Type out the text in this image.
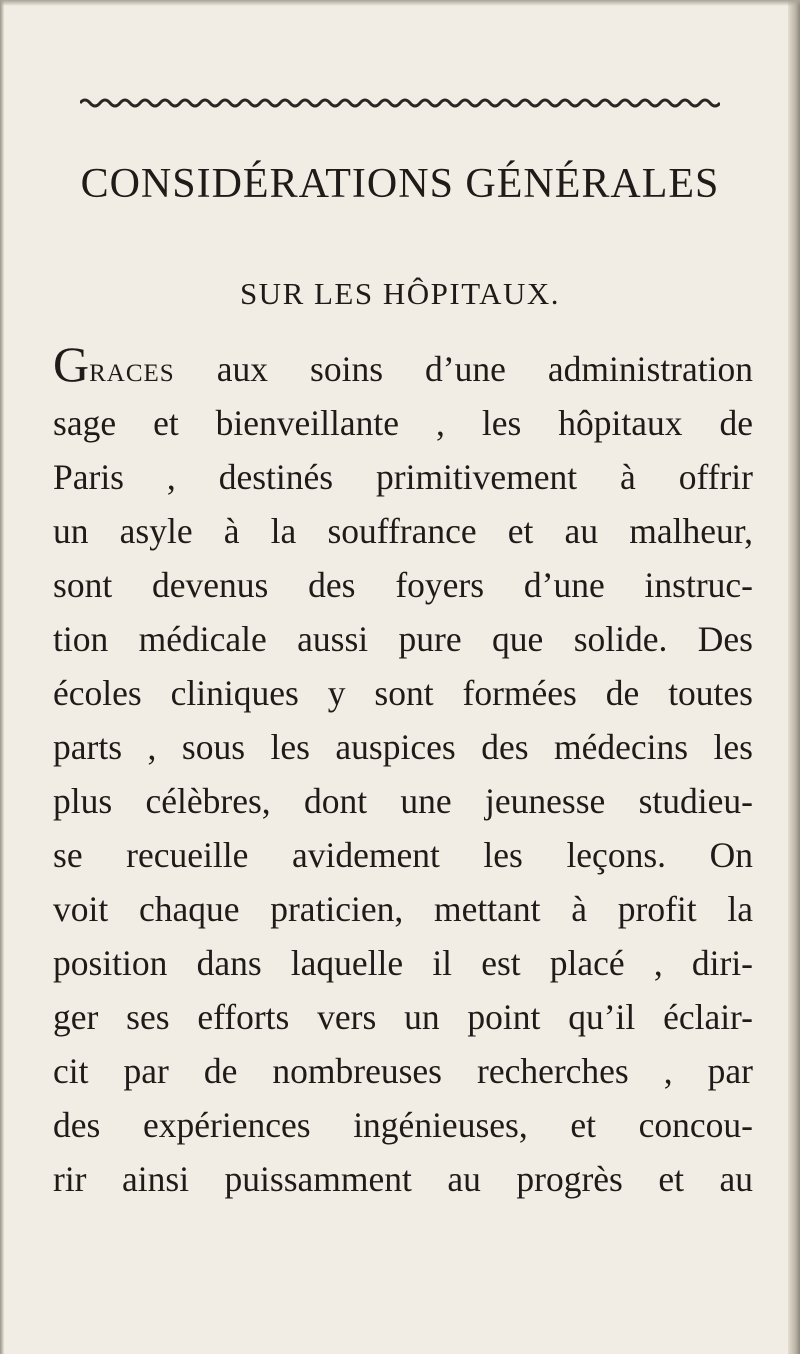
CONSIDÉRATIONS GÉNÉRALES
SUR LES HÔPITAUX.
Graces aux soins d’une administration
sage et bienveillante , les hôpitaux de
Paris , destinés primitivement à offrir
un asyle à la souffrance et au malheur,
sont devenus des foyers d’une instruc-
tion médicale aussi pure que solide. Des
écoles cliniques y sont formées de toutes
parts , sous les auspices des médecins les
plus célèbres, dont une jeunesse studieu-
se recueille avidement les leçons. On
voit chaque praticien, mettant à profit la
position dans laquelle il est placé , diri-
ger ses efforts vers un point qu’il éclair-
cit par de nombreuses recherches , par
des expériences ingénieuses, et concou-
rir ainsi puissamment au progrès et au
